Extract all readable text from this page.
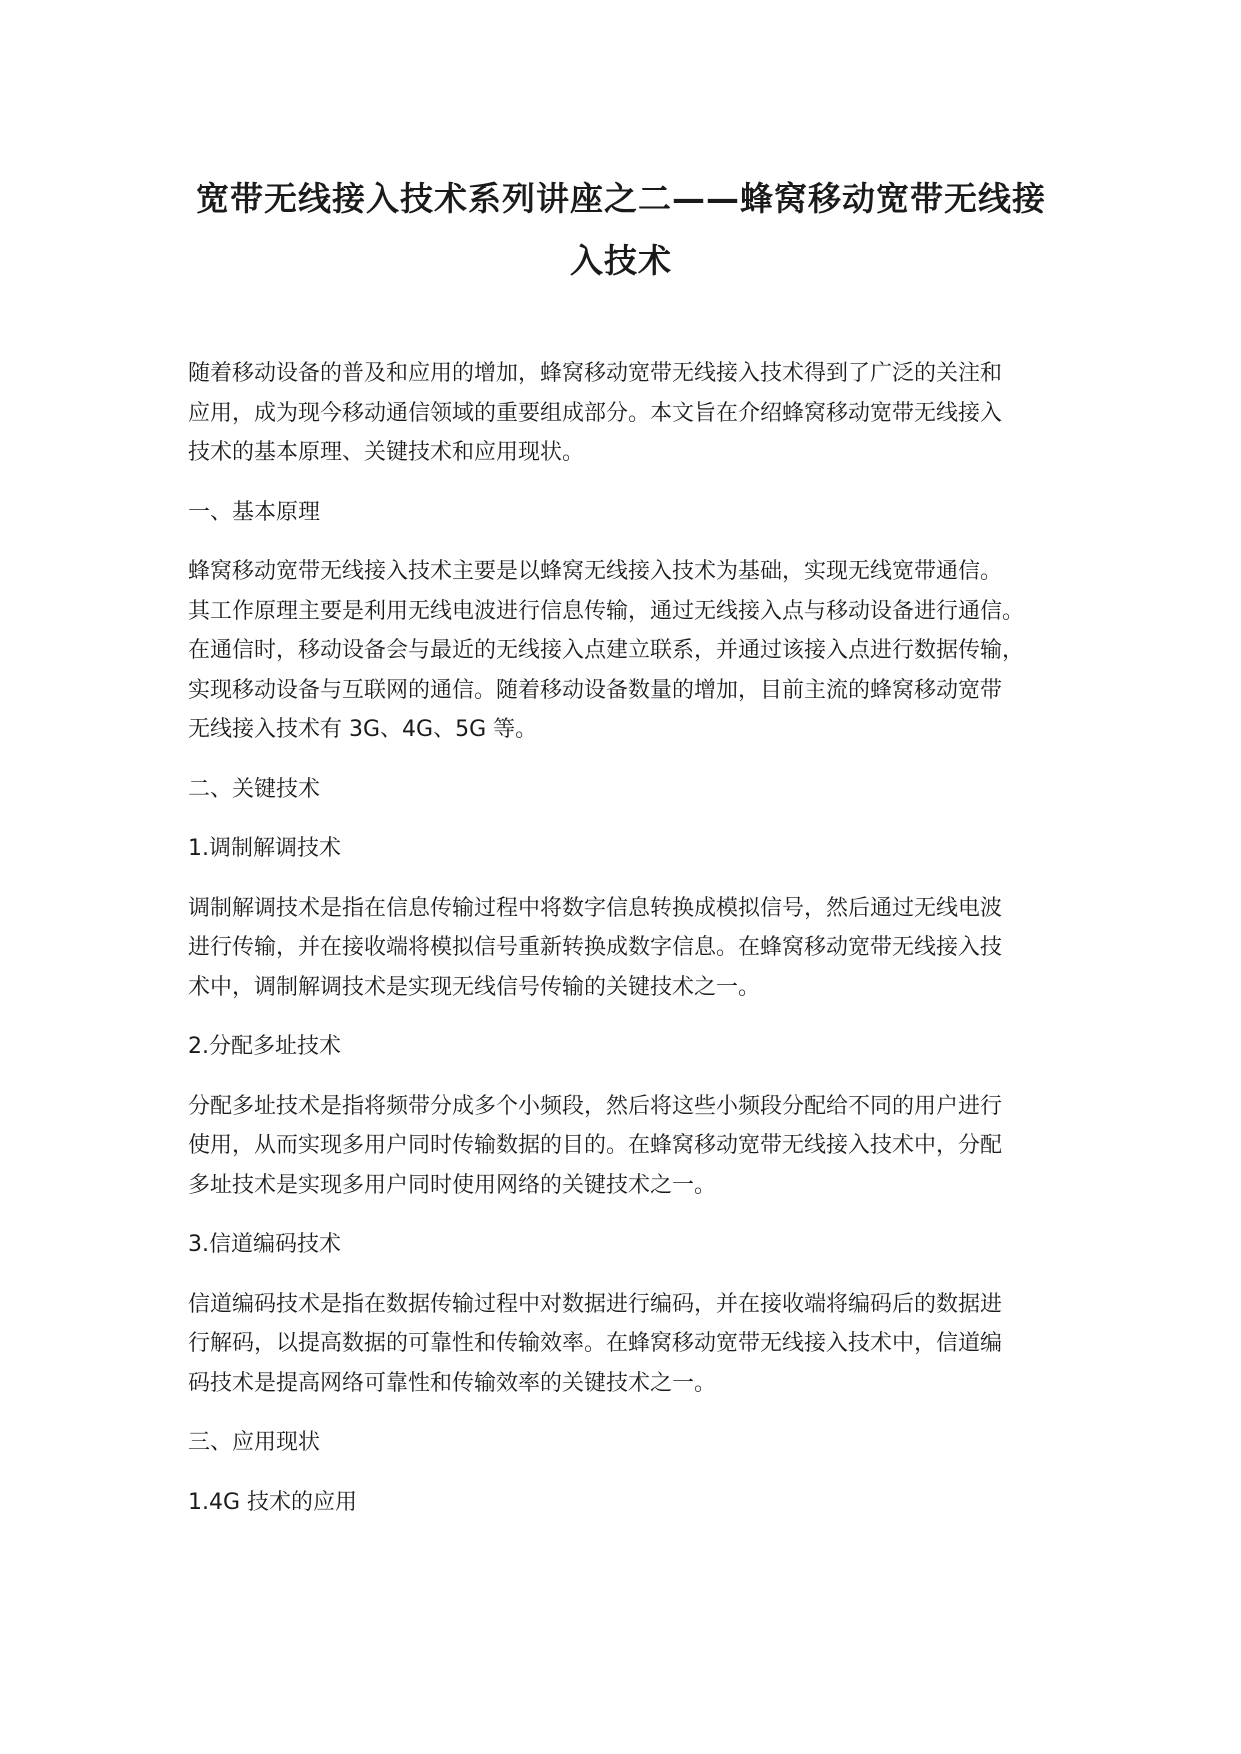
宽带无线接入技术系列讲座之二——蜂窝移动宽带无线接
入技术

随着移动设备的普及和应用的增加，蜂窝移动宽带无线接入技术得到了广泛的关注和
应用，成为现今移动通信领域的重要组成部分。本文旨在介绍蜂窝移动宽带无线接入
技术的基本原理、关键技术和应用现状。

一、基本原理

蜂窝移动宽带无线接入技术主要是以蜂窝无线接入技术为基础，实现无线宽带通信。
其工作原理主要是利用无线电波进行信息传输，通过无线接入点与移动设备进行通信。
在通信时，移动设备会与最近的无线接入点建立联系，并通过该接入点进行数据传输，
实现移动设备与互联网的通信。随着移动设备数量的增加，目前主流的蜂窝移动宽带
无线接入技术有 3G、4G、5G 等。

二、关键技术

1.调制解调技术

调制解调技术是指在信息传输过程中将数字信息转换成模拟信号，然后通过无线电波
进行传输，并在接收端将模拟信号重新转换成数字信息。在蜂窝移动宽带无线接入技
术中，调制解调技术是实现无线信号传输的关键技术之一。

2.分配多址技术

分配多址技术是指将频带分成多个小频段，然后将这些小频段分配给不同的用户进行
使用，从而实现多用户同时传输数据的目的。在蜂窝移动宽带无线接入技术中，分配
多址技术是实现多用户同时使用网络的关键技术之一。

3.信道编码技术

信道编码技术是指在数据传输过程中对数据进行编码，并在接收端将编码后的数据进
行解码，以提高数据的可靠性和传输效率。在蜂窝移动宽带无线接入技术中，信道编
码技术是提高网络可靠性和传输效率的关键技术之一。

三、应用现状

1.4G 技术的应用
